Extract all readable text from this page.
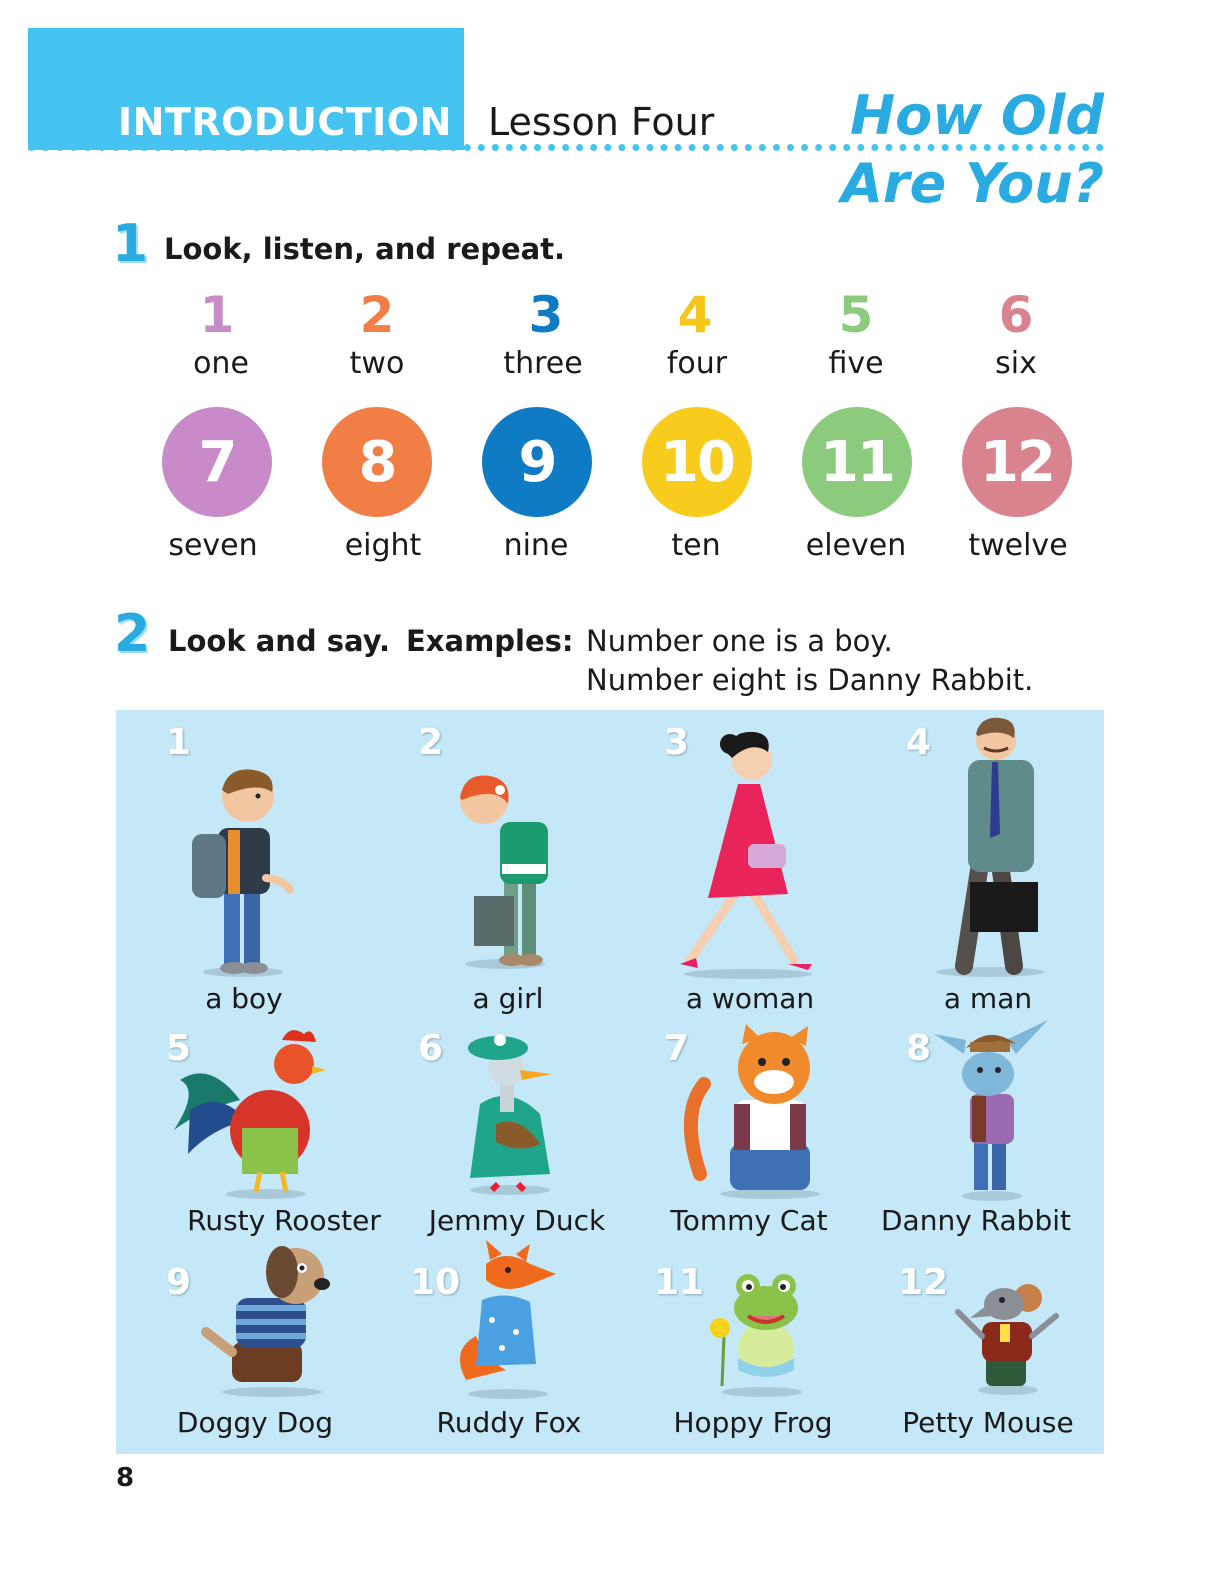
INTRODUCTION Lesson Four	How Old
Are You?
1 Look, listen, and repeat.
1	2	3	4	5	6
one	two	three	four	five	six
7	8	9	10	11	12
seven	eight	nine	ten	eleven	twelve
2 Look and say. Examples: Number one is a boy.
Number eight is Danny Rabbit.
1	2	3	4
5	6	7	8
9	10	11	12
a boy	a girl	a woman	a man
Rusty Rooster	Jemmy Duck	Tommy Cat	Danny Rabbit
Doggy Dog	Ruddy Fox	Hoppy Frog	Petty Mouse
8
